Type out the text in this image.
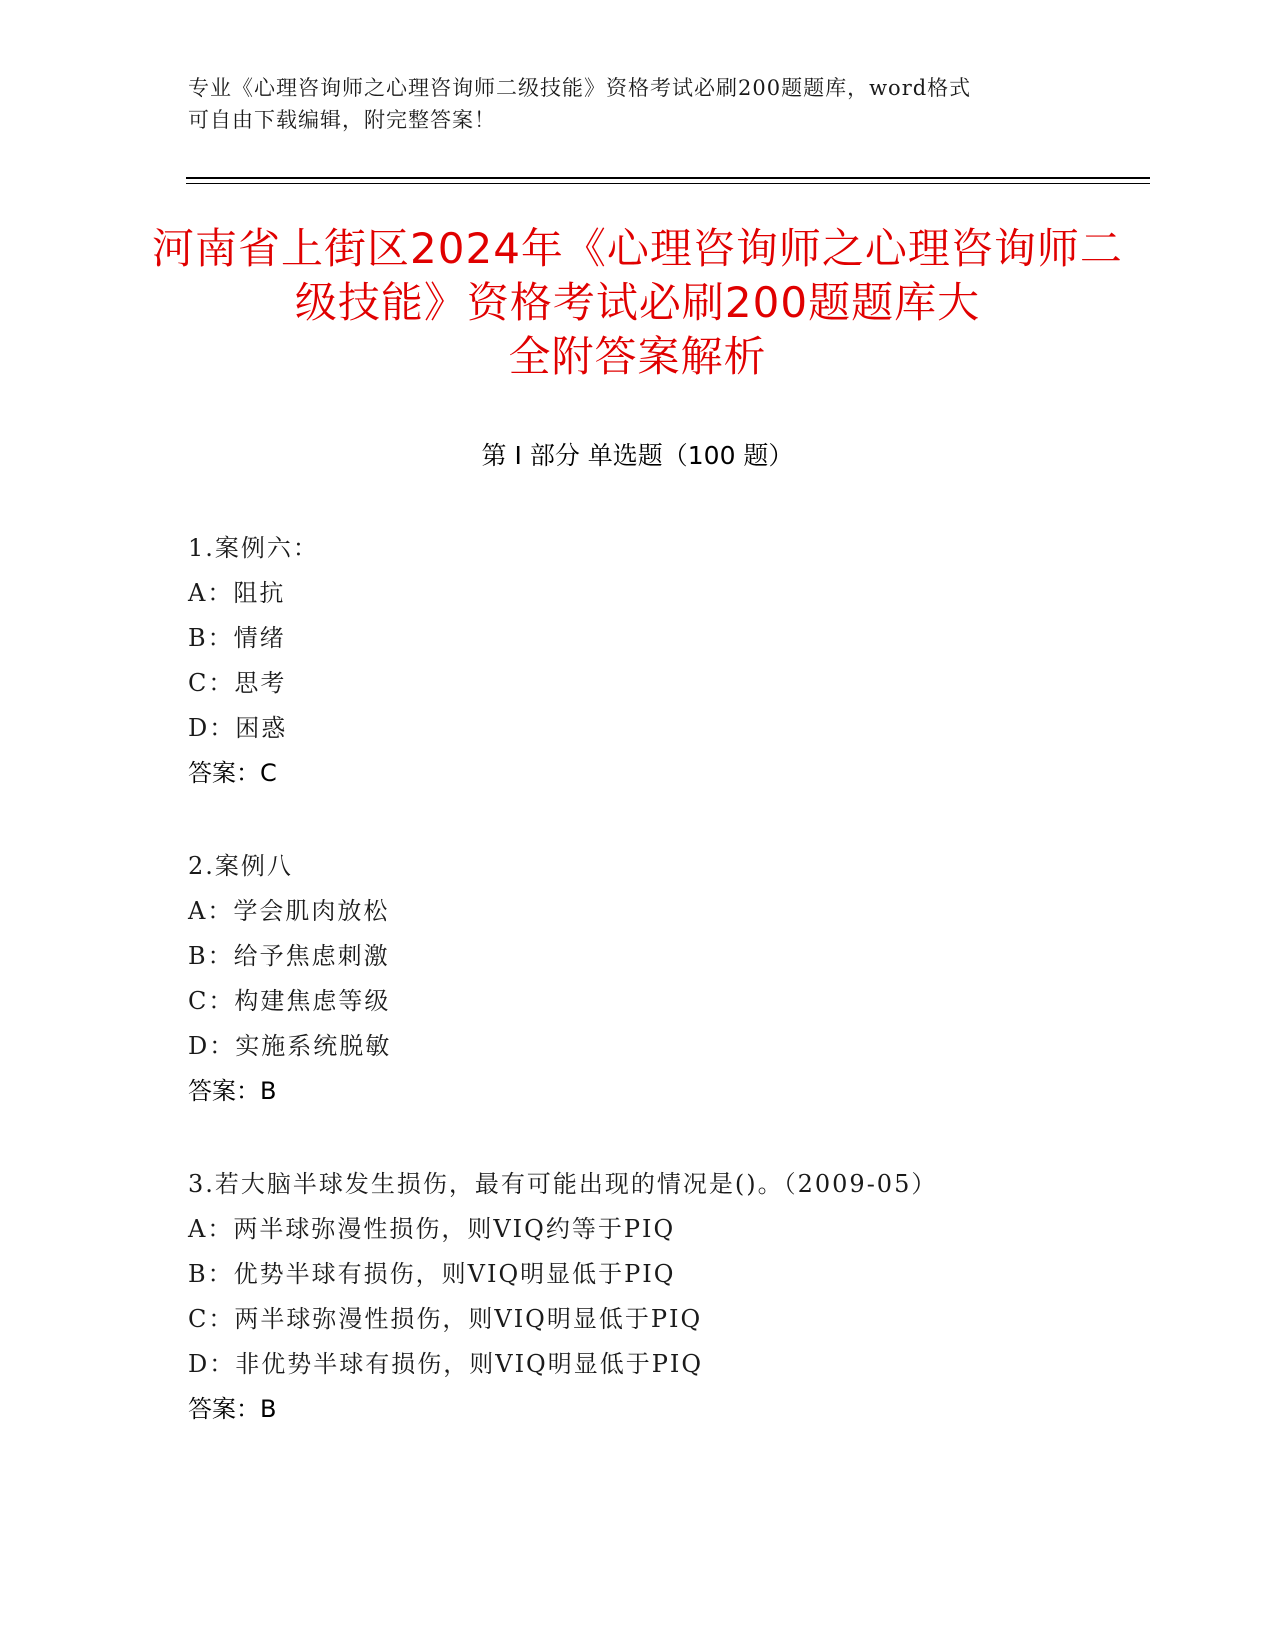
专业《心理咨询师之心理咨询师二级技能》资格考试必刷200题题库，word格式
可自由下载编辑，附完整答案！
河南省上街区2024年《心理咨询师之心理咨询师二级技能》资格考试必刷200题题库大
全附答案解析
第 I 部分 单选题（100 题）
1.案例六：
A：阻抗
B：情绪
C：思考
D：困惑
答案：C
2.案例八
A：学会肌肉放松
B：给予焦虑刺激
C：构建焦虑等级
D：实施系统脱敏
答案：B
3.若大脑半球发生损伤，最有可能出现的情况是()。（2009-05）
A：两半球弥漫性损伤，则VIQ约等于PIQ
B：优势半球有损伤，则VIQ明显低于PIQ
C：两半球弥漫性损伤，则VIQ明显低于PIQ
D：非优势半球有损伤，则VIQ明显低于PIQ
答案：B
